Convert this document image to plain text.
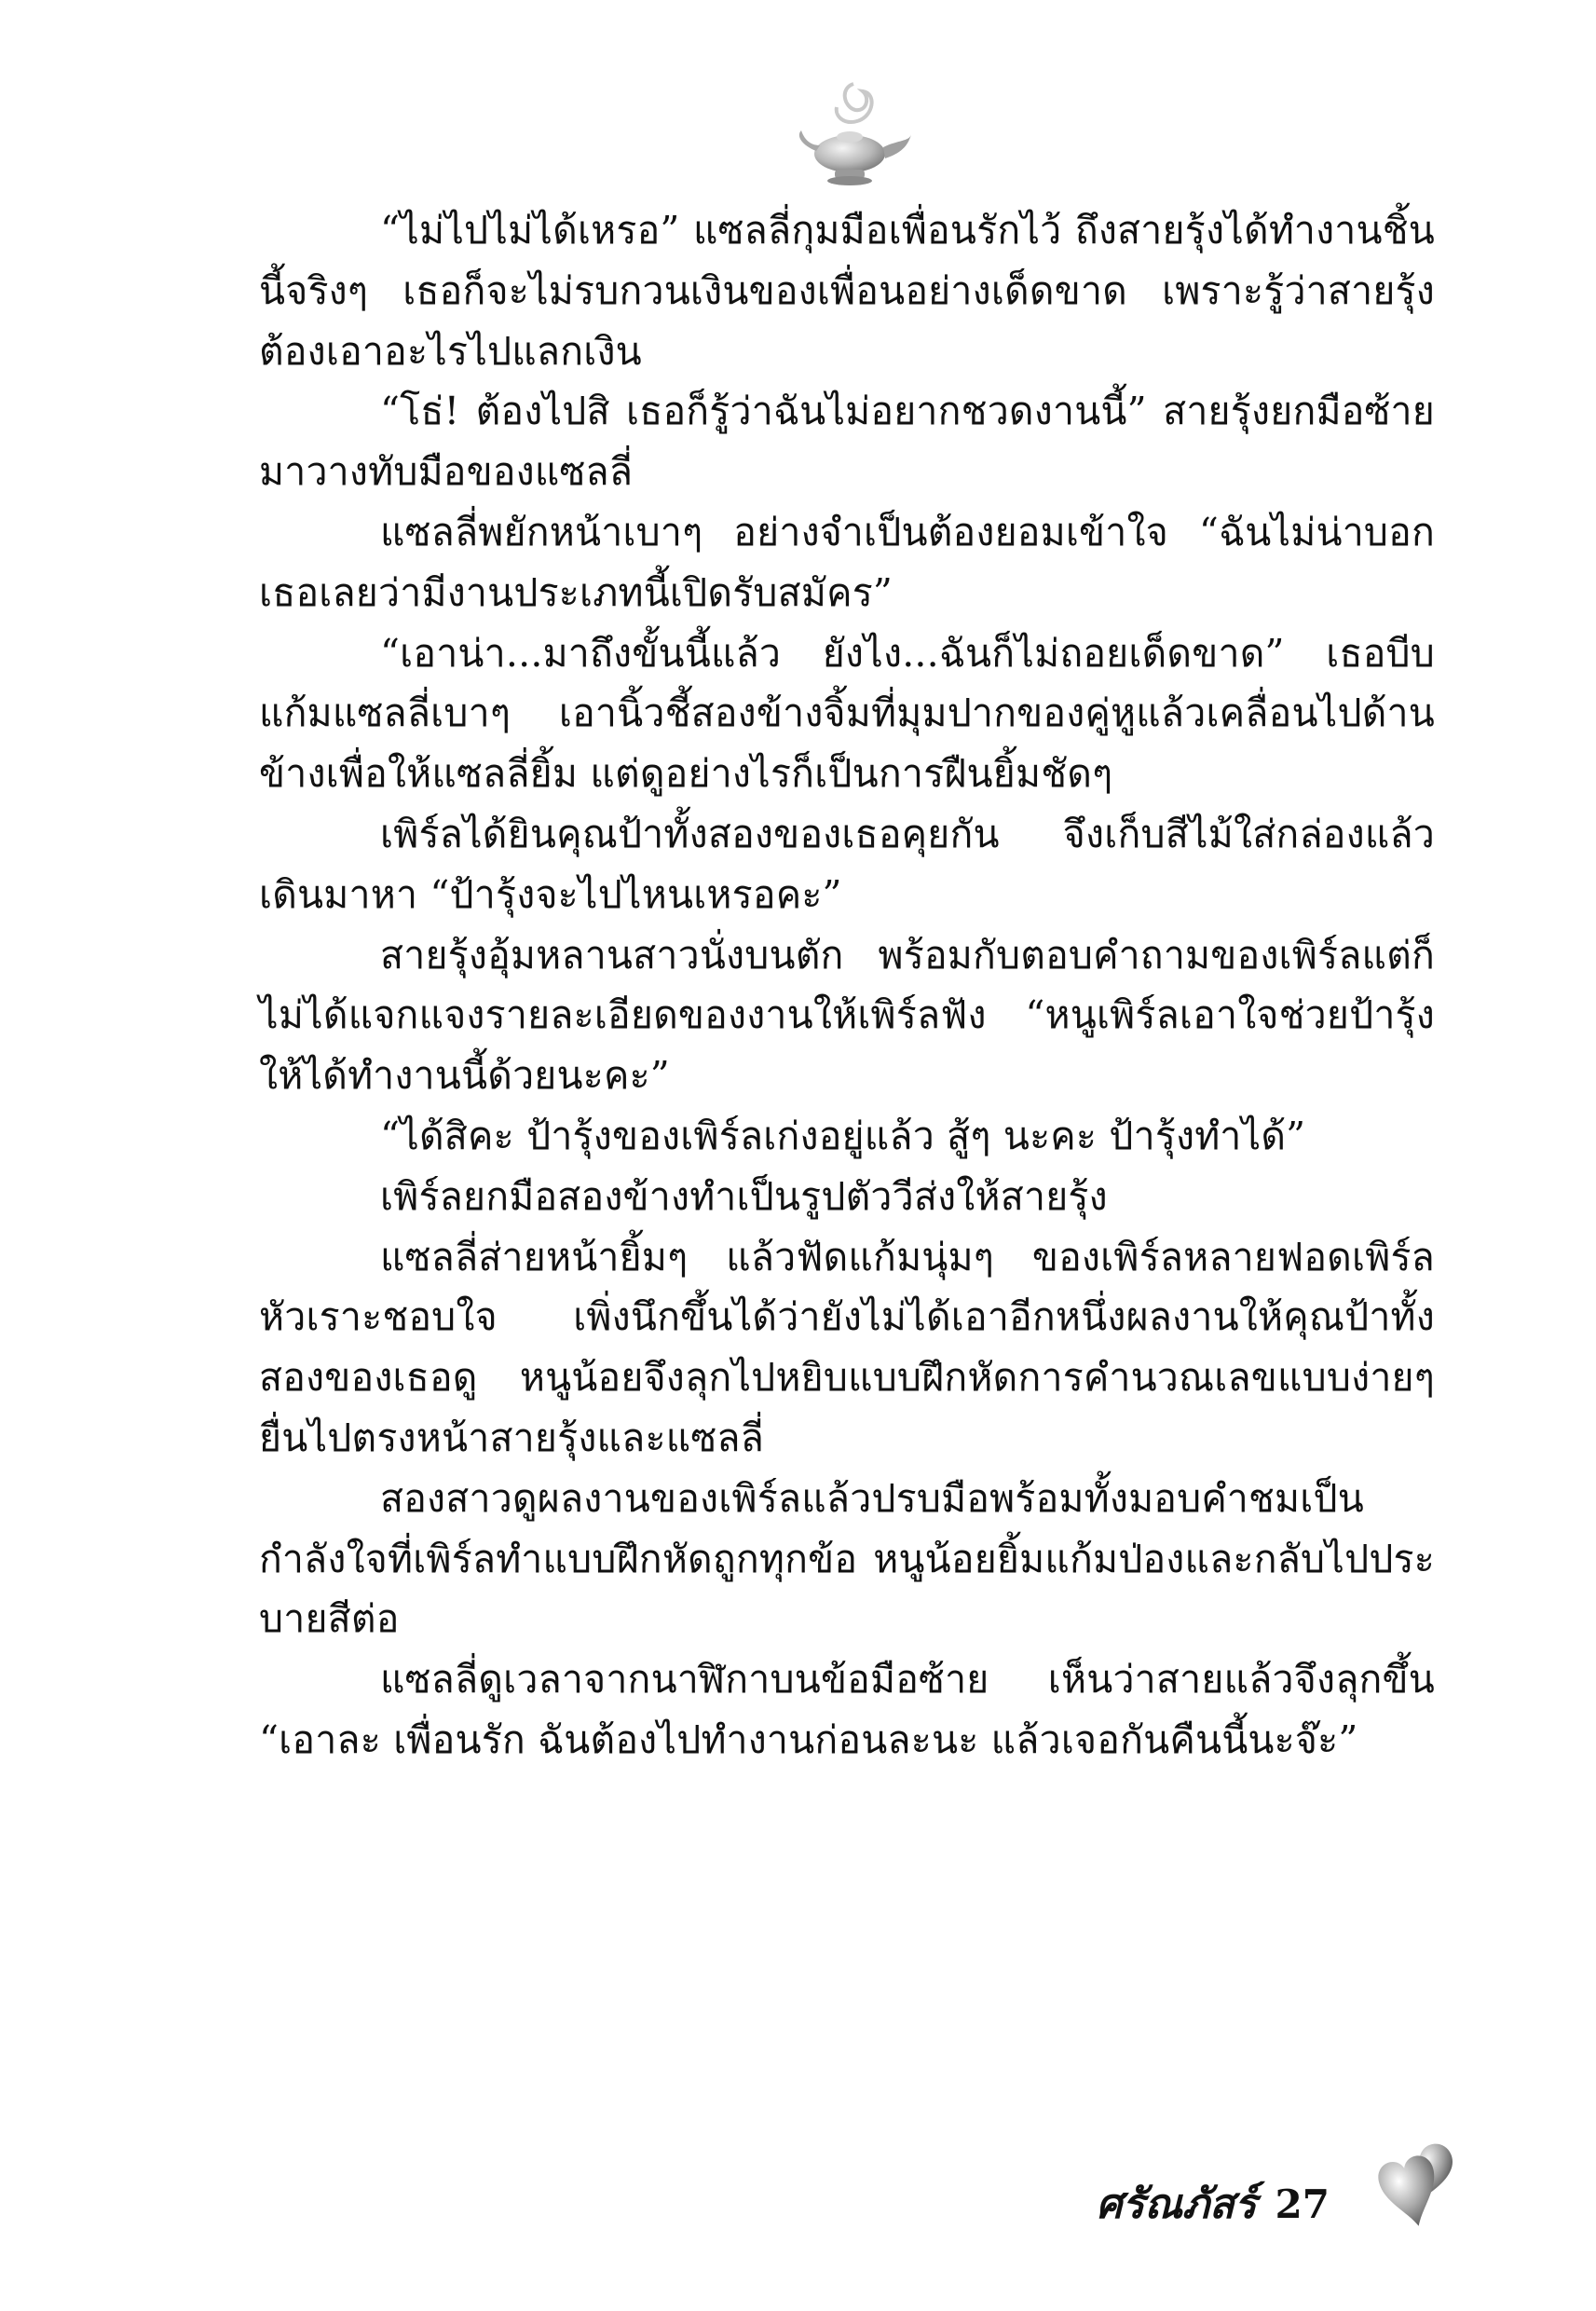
“ไม่ไปไม่ได้เหรอ” แซลลี่กุมมือเพื่อนรักไว้ ถึงสายรุ้งได้ทำงานชิ้นนี้จริงๆ เธอก็จะไม่รบกวนเงินของเพื่อนอย่างเด็ดขาด เพราะรู้ว่าสายรุ้งต้องเอาอะไรไปแลกเงิน

“โธ่! ต้องไปสิ เธอก็รู้ว่าฉันไม่อยากชวดงานนี้” สายรุ้งยกมือซ้ายมาวางทับมือของแซลลี่

แซลลี่พยักหน้าเบาๆ อย่างจำเป็นต้องยอมเข้าใจ “ฉันไม่น่าบอกเธอเลยว่ามีงานประเภทนี้เปิดรับสมัคร”

“เอาน่า...มาถึงขั้นนี้แล้ว ยังไง...ฉันก็ไม่ถอยเด็ดขาด” เธอบีบแก้มแซลลี่เบาๆ เอานิ้วชี้สองข้างจิ้มที่มุมปากของคู่หูแล้วเคลื่อนไปด้านข้างเพื่อให้แซลลี่ยิ้ม แต่ดูอย่างไรก็เป็นการฝืนยิ้มชัดๆ

เพิร์ลได้ยินคุณป้าทั้งสองของเธอคุยกัน จึงเก็บสีไม้ใส่กล่องแล้วเดินมาหา “ป้ารุ้งจะไปไหนเหรอคะ”

สายรุ้งอุ้มหลานสาวนั่งบนตัก พร้อมกับตอบคำถามของเพิร์ลแต่ก็ไม่ได้แจกแจงรายละเอียดของงานให้เพิร์ลฟัง “หนูเพิร์ลเอาใจช่วยป้ารุ้งให้ได้ทำงานนี้ด้วยนะคะ”

“ได้สิคะ ป้ารุ้งของเพิร์ลเก่งอยู่แล้ว สู้ๆ นะคะ ป้ารุ้งทำได้”

เพิร์ลยกมือสองข้างทำเป็นรูปตัววีส่งให้สายรุ้ง

แซลลี่ส่ายหน้ายิ้มๆ แล้วฟัดแก้มนุ่มๆ ของเพิร์ลหลายฟอดเพิร์ลหัวเราะชอบใจ เพิ่งนึกขึ้นได้ว่ายังไม่ได้เอาอีกหนึ่งผลงานให้คุณป้าทั้งสองของเธอดู หนูน้อยจึงลุกไปหยิบแบบฝึกหัดการคำนวณเลขแบบง่ายๆ ยื่นไปตรงหน้าสายรุ้งและแซลลี่

สองสาวดูผลงานของเพิร์ลแล้วปรบมือพร้อมทั้งมอบคำชมเป็นกำลังใจที่เพิร์ลทำแบบฝึกหัดถูกทุกข้อ หนูน้อยยิ้มแก้มป่องและกลับไปประบายสีต่อ

แซลลี่ดูเวลาจากนาฬิกาบนข้อมือซ้าย เห็นว่าสายแล้วจึงลุกขึ้น “เอาละ เพื่อนรัก ฉันต้องไปทำงานก่อนละนะ แล้วเจอกันคืนนี้นะจ๊ะ”

ศรัณภัสร์ 27
